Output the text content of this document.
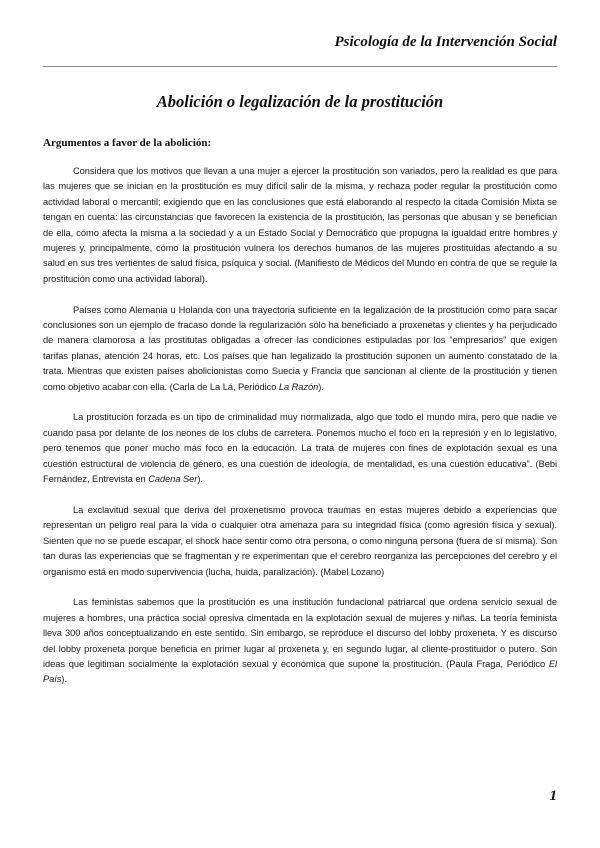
Psicología de la Intervención Social
Abolición o legalización de la prostitución
Argumentos a favor de la abolición:

Considera que los motivos que llevan a una mujer a ejercer la prostitución son variados, pero la realidad es que para las mujeres que se inician en la prostitución es muy difícil salir de la misma, y rechaza poder regular la prostitución como actividad laboral o mercantil; exigiendo que en las conclusiones que está elaborando al respecto la citada Comisión Mixta se tengan en cuenta: las circunstancias que favorecen la existencia de la prostitución, las personas que abusan y se benefician de ella, cómo afecta la misma a la sociedad y a un Estado Social y Democrático que propugna la igualdad entre hombres y mujeres y, principalmente, cómo la prostitución vulnera los derechos humanos de las mujeres prostituidas afectando a su salud en sus tres vertientes de salud física, psíquica y social. (Manifiesto de Médicos del Mundo en contra de que se regule la prostitución como una actividad laboral).

Países como Alemania u Holanda con una trayectoria suficiente en la legalización de la prostitución como para sacar conclusiones son un ejemplo de fracaso donde la regularización sólo ha beneficiado a proxenetas y clientes y ha perjudicado de manera clamorosa a las prostitutas obligadas a ofrecer las condiciones estipuladas por los “empresarios” que exigen tarifas planas, atención 24 horas, etc. Los países que han legalizado la prostitución suponen un aumento constatado de la trata. Mientras que existen países abolicionistas como Suecia y Francia que sancionan al cliente de la prostitución y tienen como objetivo acabar con ella. (Carla de La Lá, Periódico La Razón).

La prostitución forzada es un tipo de criminalidad muy normalizada, algo que todo el mundo mira, pero que nadie ve cuando pasa por delante de los neones de los clubs de carretera. Ponemos mucho el foco en la represión y en lo legislativo, pero tenemos que poner mucho más foco en la educación. La trata de mujeres con fines de explotación sexual es una cuestión estructural de violencia de género, es una cuestión de ideología, de mentalidad, es una cuestión educativa”. (Bebi Fernández, Entrevista en Cadena Ser).

La exclavitud sexual que deriva del proxenetismo provoca traumas en estas mujeres debido a experiencias que representan un peligro real para la vida o cualquier otra amenaza para su integridad física (como agresión física y sexual). Sienten que no se puede escapar, el shock hace sentir como otra persona, o como ninguna persona (fuera de sí misma). Son tan duras las experiencias que se fragmentan y re experimentan que el cerebro reorganiza las percepciones del cerebro y el organismo está en modo supervivencia (lucha, huida, paralización). (Mabel Lozano)

Las feministas sabemos que la prostitución es una institución fundacional patriarcal que ordena servicio sexual de mujeres a hombres, una práctica social opresiva cimentada en la explotación sexual de mujeres y niñas. La teoría feminista lleva 300 años conceptualizando en este sentido. Sin embargo, se reproduce el discurso del lobby proxeneta. Y es discurso del lobby proxeneta porque beneficia en primer lugar al proxeneta y, en segundo lugar, al cliente-prostituidor o putero. Son ideas que legitiman socialmente la explotación sexual y económica que supone la prostitución. (Paula Fraga, Periódico El País).

1
